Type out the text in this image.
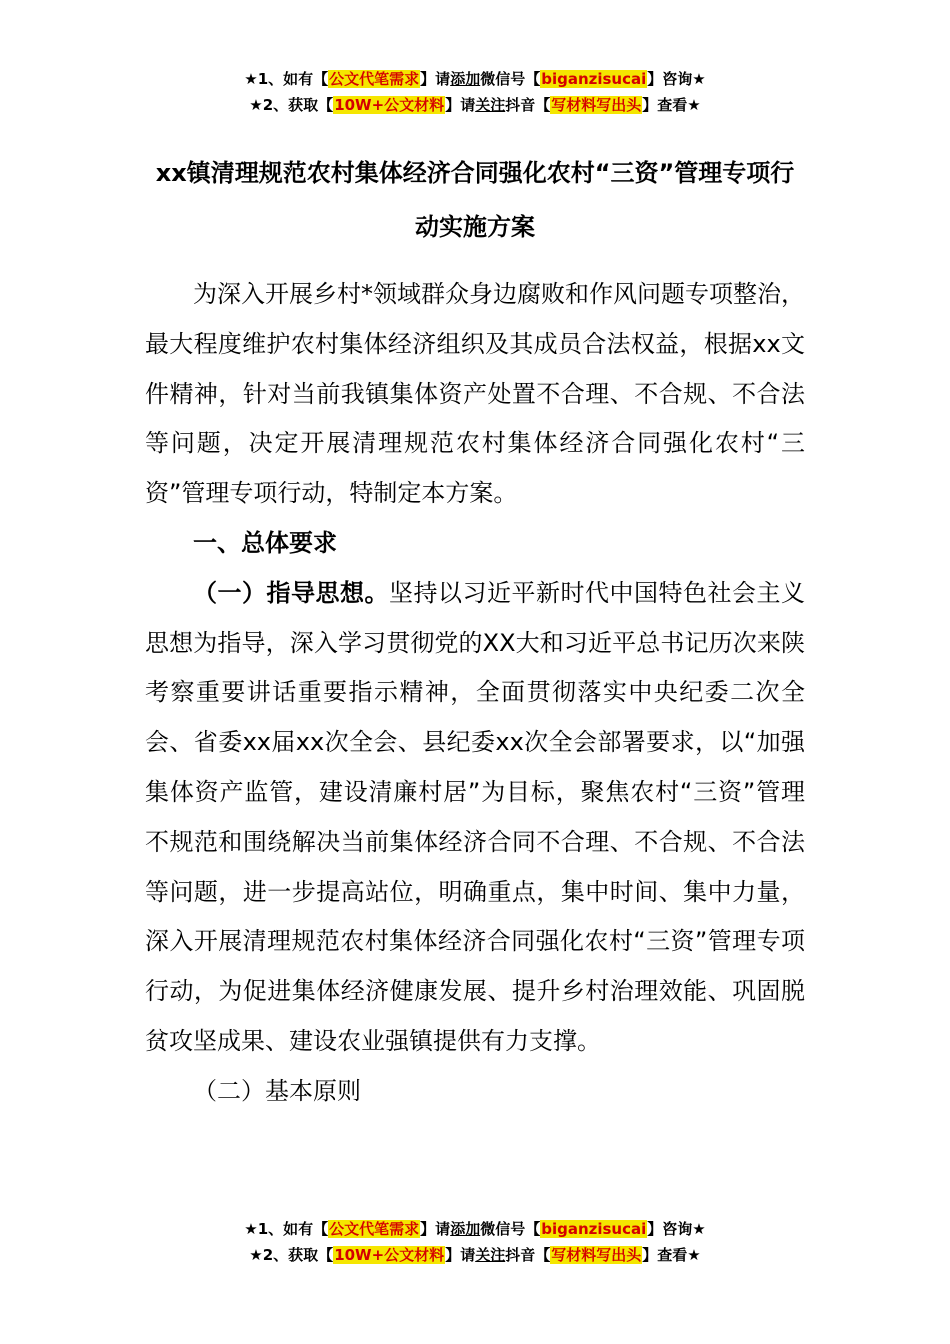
★1、如有【公文代笔需求】请添加微信号【biganzisucai】咨询★
★2、获取【10W+公文材料】请关注抖音【写材料写出头】查看★
xx镇清理规范农村集体经济合同强化农村“三资”管理专项行动实施方案

为深入开展乡村*领域群众身边腐败和作风问题专项整治，最大程度维护农村集体经济组织及其成员合法权益，根据xx文件精神，针对当前我镇集体资产处置不合理、不合规、不合法等问题，决定开展清理规范农村集体经济合同强化农村“三资”管理专项行动，特制定本方案。

一、总体要求

（一）指导思想。坚持以习近平新时代中国特色社会主义思想为指导，深入学习贯彻党的XX大和习近平总书记历次来陕考察重要讲话重要指示精神，全面贯彻落实中央纪委二次全会、省委xx届xx次全会、县纪委xx次全会部署要求，以“加强集体资产监管，建设清廉村居”为目标，聚焦农村“三资”管理不规范和围绕解决当前集体经济合同不合理、不合规、不合法等问题，进一步提高站位，明确重点，集中时间、集中力量，深入开展清理规范农村集体经济合同强化农村“三资”管理专项行动，为促进集体经济健康发展、提升乡村治理效能、巩固脱贫攻坚成果、建设农业强镇提供有力支撑。

（二）基本原则

★1、如有【公文代笔需求】请添加微信号【biganzisucai】咨询★
★2、获取【10W+公文材料】请关注抖音【写材料写出头】查看★
